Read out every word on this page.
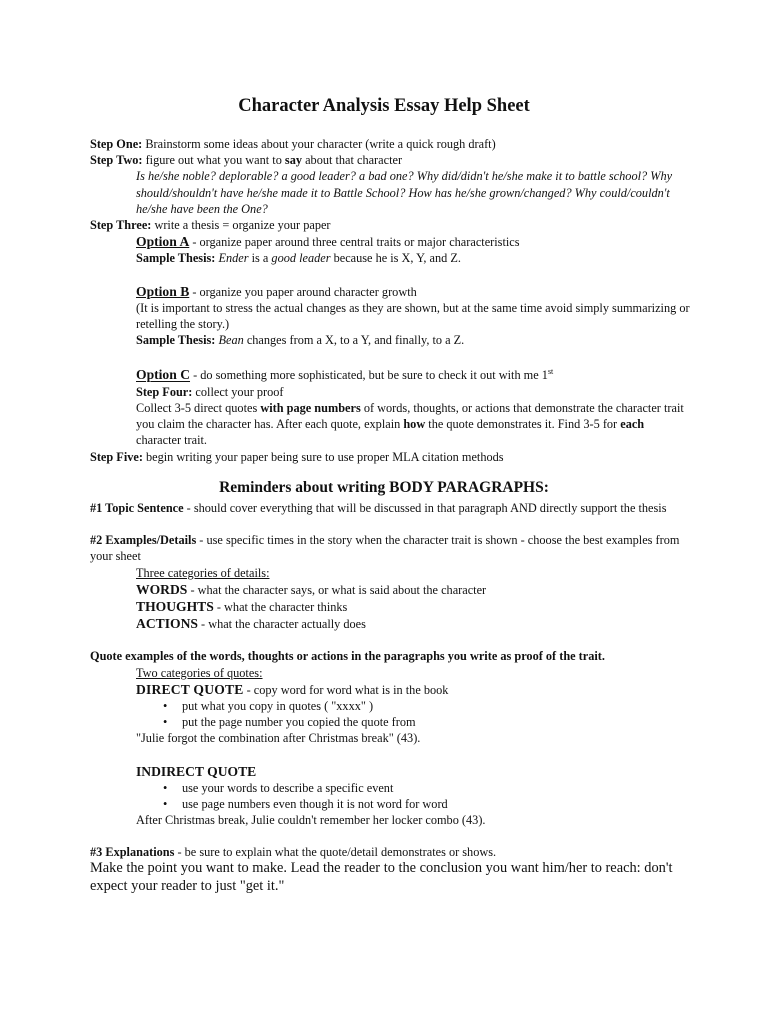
Character Analysis Essay Help Sheet
Step One: Brainstorm some ideas about your character (write a quick rough draft)
Step Two: figure out what you want to say about that character
Is he/she noble? deplorable? a good leader? a bad one? Why did/didn't he/she make it to battle school? Why should/shouldn't have he/she made it to Battle School? How has he/she grown/changed? Why could/couldn't he/she have been the One?
Step Three: write a thesis = organize your paper
Option A - organize paper around three central traits or major characteristics
Sample Thesis: Ender is a good leader because he is X, Y, and Z.
Option B - organize you paper around character growth
(It is important to stress the actual changes as they are shown, but at the same time avoid simply summarizing or retelling the story.)
Sample Thesis: Bean changes from a X, to a Y, and finally, to a Z.
Option C - do something more sophisticated, but be sure to check it out with me 1st
Step Four: collect your proof
Collect 3-5 direct quotes with page numbers of words, thoughts, or actions that demonstrate the character trait you claim the character has. After each quote, explain how the quote demonstrates it. Find 3-5 for each character trait.
Step Five: begin writing your paper being sure to use proper MLA citation methods
Reminders about writing BODY PARAGRAPHS:
#1 Topic Sentence - should cover everything that will be discussed in that paragraph AND directly support the thesis
#2 Examples/Details - use specific times in the story when the character trait is shown - choose the best examples from your sheet
Three categories of details:
WORDS - what the character says, or what is said about the character
THOUGHTS - what the character thinks
ACTIONS - what the character actually does
Quote examples of the words, thoughts or actions in the paragraphs you write as proof of the trait.
Two categories of quotes:
DIRECT QUOTE - copy word for word what is in the book
• put what you copy in quotes ( "xxxx" )
• put the page number you copied the quote from
"Julie forgot the combination after Christmas break" (43).
INDIRECT QUOTE
• use your words to describe a specific event
• use page numbers even though it is not word for word
After Christmas break, Julie couldn't remember her locker combo (43).
#3 Explanations - be sure to explain what the quote/detail demonstrates or shows.
Make the point you want to make. Lead the reader to the conclusion you want him/her to reach: don't expect your reader to just "get it."
